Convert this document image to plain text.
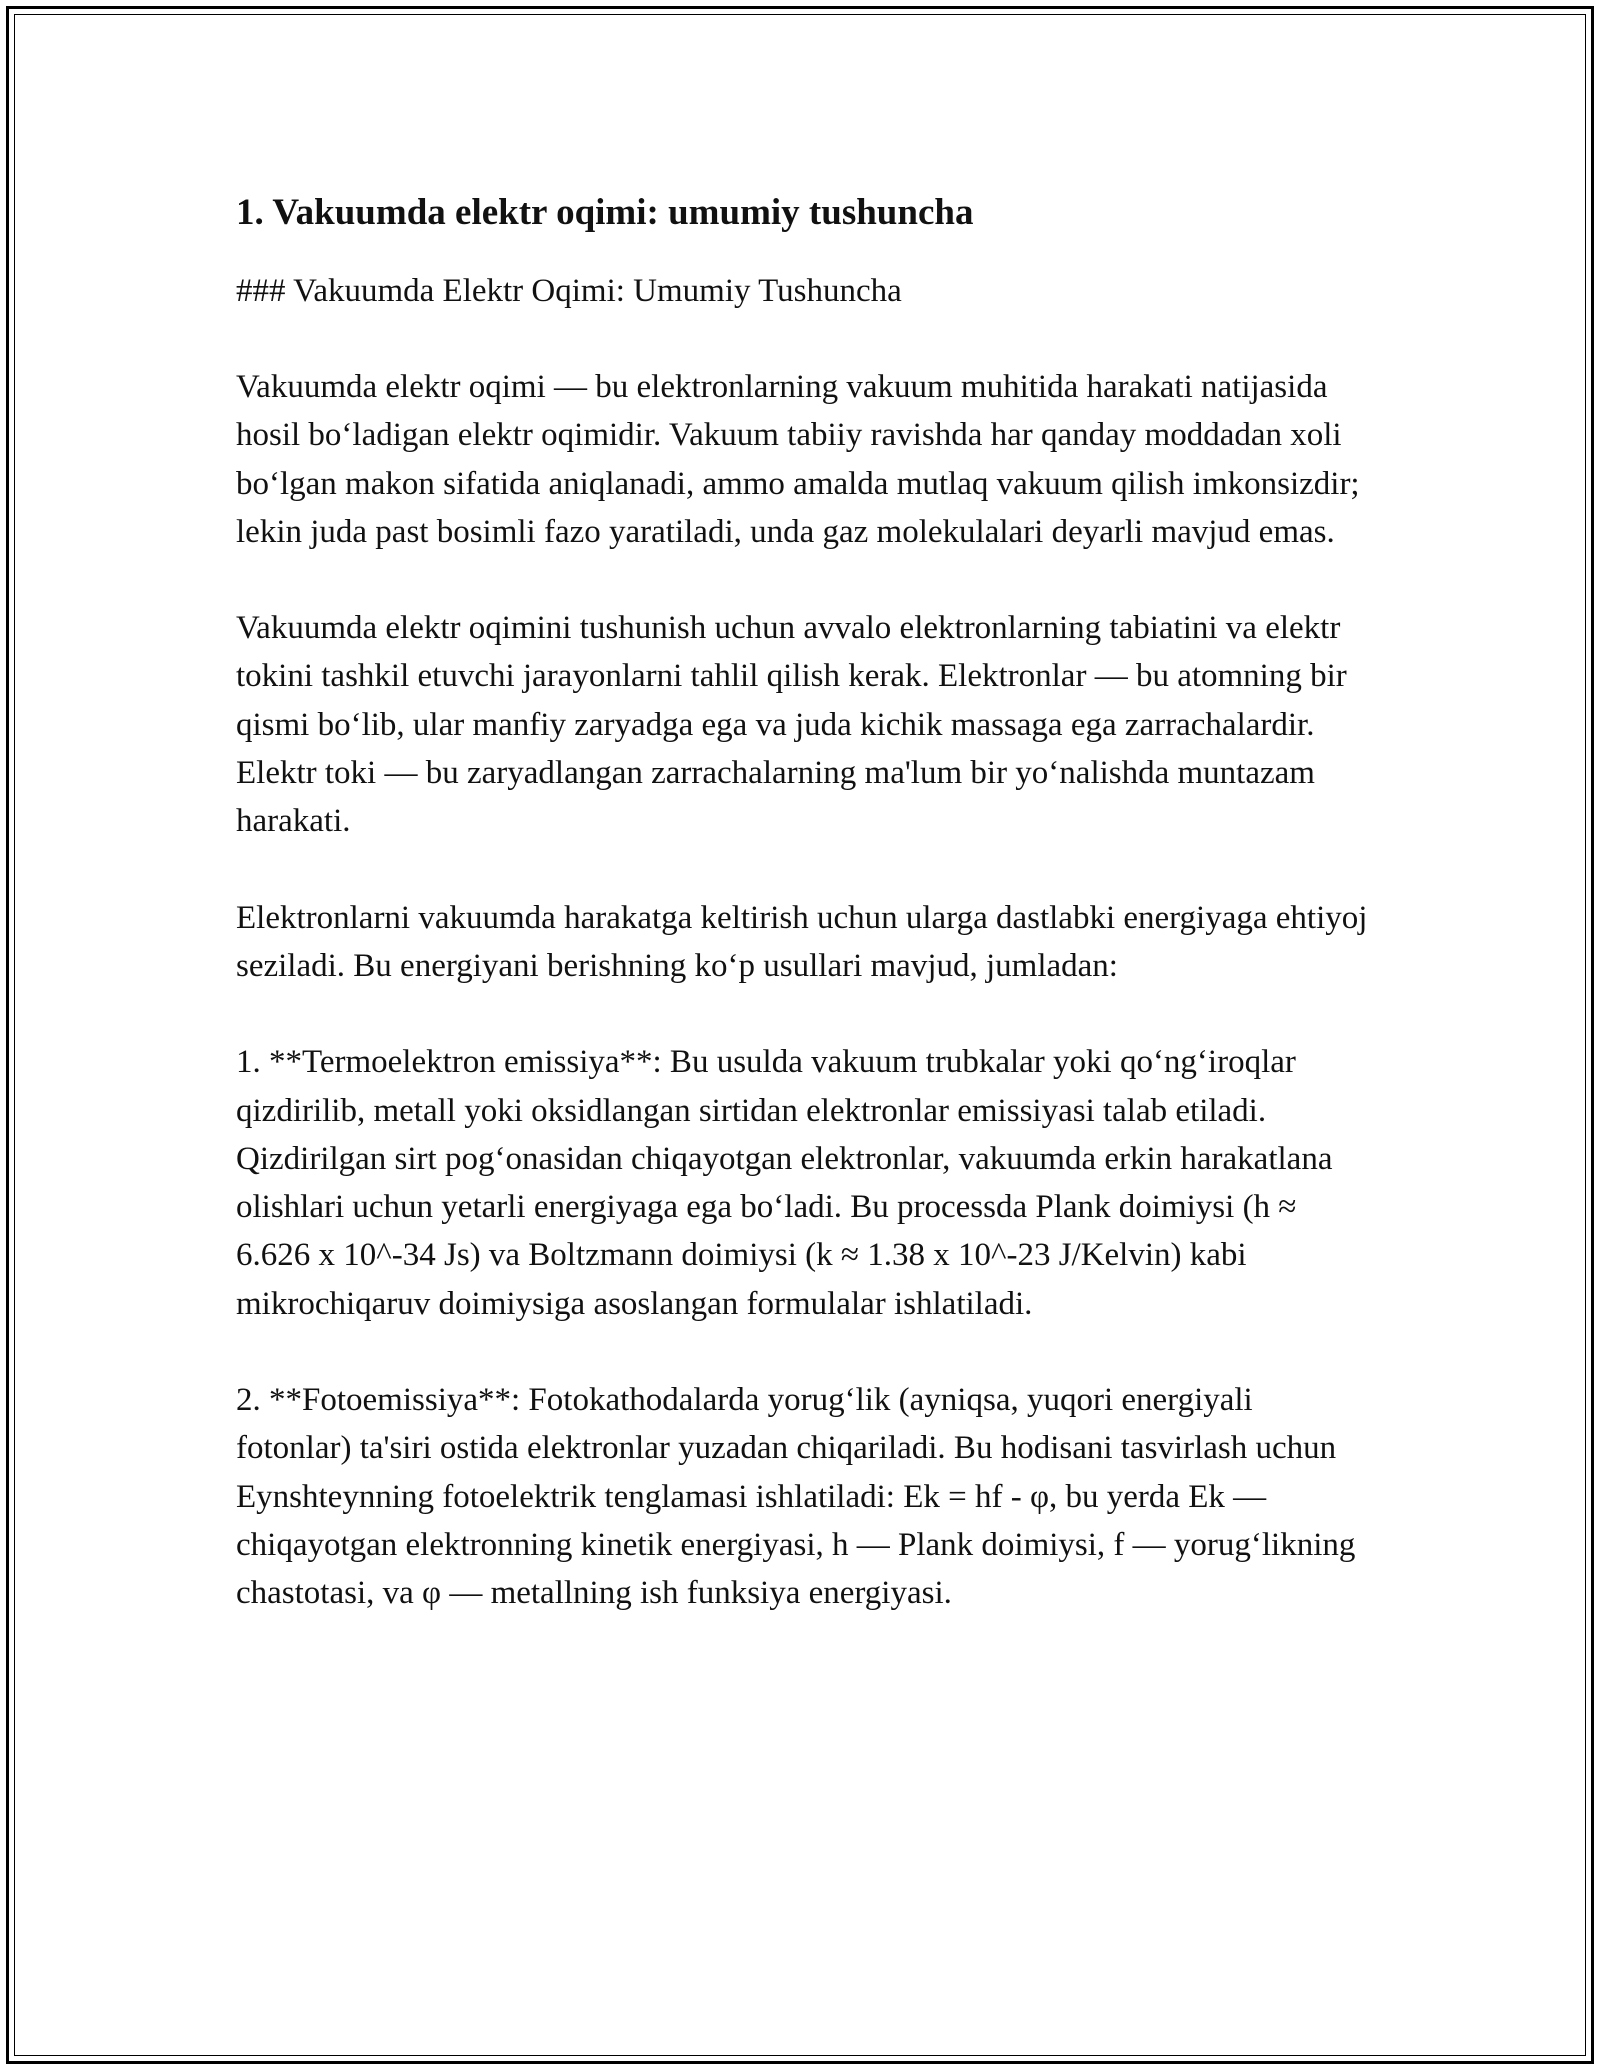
1. Vakuumda elektr oqimi: umumiy tushuncha

### Vakuumda Elektr Oqimi: Umumiy Tushuncha

Vakuumda elektr oqimi — bu elektronlarning vakuum muhitida harakati natijasida hosil bo‘ladigan elektr oqimidir. Vakuum tabiiy ravishda har qanday moddadan xoli bo‘lgan makon sifatida aniqlanadi, ammo amalda mutlaq vakuum qilish imkonsizdir; lekin juda past bosimli fazo yaratiladi, unda gaz molekulalari deyarli mavjud emas.

Vakuumda elektr oqimini tushunish uchun avvalo elektronlarning tabiatini va elektr tokini tashkil etuvchi jarayonlarni tahlil qilish kerak. Elektronlar — bu atomning bir qismi bo‘lib, ular manfiy zaryadga ega va juda kichik massaga ega zarrachalardir. Elektr toki — bu zaryadlangan zarrachalarning ma'lum bir yo‘nalishda muntazam harakati.

Elektronlarni vakuumda harakatga keltirish uchun ularga dastlabki energiyaga ehtiyoj seziladi. Bu energiyani berishning ko‘p usullari mavjud, jumladan:

1. **Termoelektron emissiya**: Bu usulda vakuum trubkalar yoki qo‘ng‘iroqlar qizdirilib, metall yoki oksidlangan sirtidan elektronlar emissiyasi talab etiladi. Qizdirilgan sirt pog‘onasidan chiqayotgan elektronlar, vakuumda erkin harakatlana olishlari uchun yetarli energiyaga ega bo‘ladi. Bu processda Plank doimiysi (h ≈ 6.626 x 10^-34 Js) va Boltzmann doimiysi (k ≈ 1.38 x 10^-23 J/Kelvin) kabi mikrochiqaruv doimiysiga asoslangan formulalar ishlatiladi.

2. **Fotoemissiya**: Fotokathodalarda yorug‘lik (ayniqsa, yuqori energiyali fotonlar) ta'siri ostida elektronlar yuzadan chiqariladi. Bu hodisani tasvirlash uchun Eynshteynning fotoelektrik tenglamasi ishlatiladi: Ek = hf - φ, bu yerda Ek — chiqayotgan elektronning kinetik energiyasi, h — Plank doimiysi, f — yorug‘likning chastotasi, va φ — metallning ish funksiya energiyasi.
